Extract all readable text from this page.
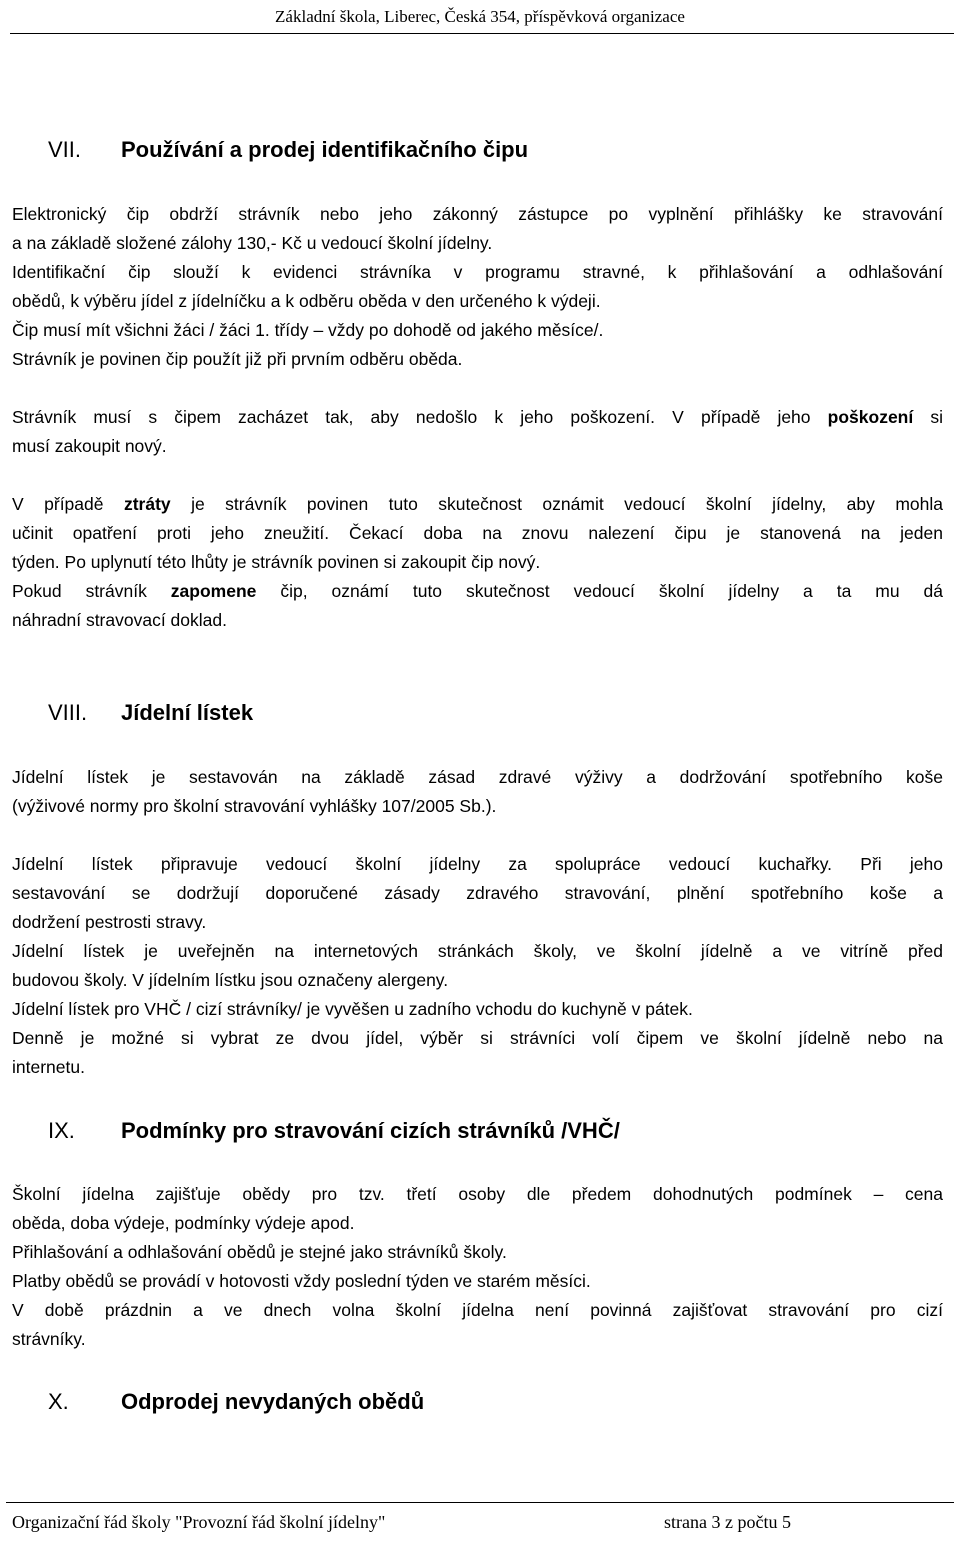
Základní škola, Liberec, Česká 354, příspěvková organizace
VII. Používání a prodej identifikačního čipu
Elektronický čip obdrží strávník nebo jeho zákonný zástupce po vyplnění přihlášky ke stravování
a na základě složené zálohy 130,- Kč u vedoucí školní jídelny.
Identifikační čip slouží k evidenci strávníka v programu stravné, k přihlašování a odhlašování
obědů, k výběru jídel z jídelníčku a k odběru oběda v den určeného k výdeji.
Čip musí mít všichni žáci / žáci 1. třídy – vždy po dohodě od jakého měsíce/.
Strávník je povinen čip použít již při prvním odběru oběda.
Strávník musí s čipem zacházet tak, aby nedošlo k jeho poškození. V případě jeho poškození si
musí zakoupit nový.
V případě ztráty je strávník povinen tuto skutečnost oznámit vedoucí školní jídelny, aby mohla
učinit opatření proti jeho zneužití. Čekací doba na znovu nalezení čipu je stanovená na jeden
týden. Po uplynutí této lhůty je strávník povinen si zakoupit čip nový.
Pokud strávník zapomene čip, oznámí tuto skutečnost vedoucí školní jídelny a ta mu dá
náhradní stravovací doklad.
VIII. Jídelní lístek
Jídelní lístek je sestavován na základě zásad zdravé výživy a dodržování spotřebního koše
(výživové normy pro školní stravování vyhlášky 107/2005 Sb.).
Jídelní lístek připravuje vedoucí školní jídelny za spolupráce vedoucí kuchařky. Při jeho
sestavování se dodržují doporučené zásady zdravého stravování, plnění spotřebního koše a
dodržení pestrosti stravy.
Jídelní lístek je uveřejněn na internetových stránkách školy, ve školní jídelně a ve vitríně před
budovou školy. V jídelním lístku jsou označeny alergeny.
Jídelní lístek pro VHČ / cizí strávníky/ je vyvěšen u zadního vchodu do kuchyně v pátek.
Denně je možné si vybrat ze dvou jídel, výběr si strávníci volí čipem ve školní jídelně nebo na
internetu.
IX. Podmínky pro stravování cizích strávníků /VHČ/
Školní jídelna zajišťuje obědy pro tzv. třetí osoby dle předem dohodnutých podmínek – cena
oběda, doba výdeje, podmínky výdeje apod.
Přihlašování a odhlašování obědů je stejné jako strávníků školy.
Platby obědů se provádí v hotovosti vždy poslední týden ve starém měsíci.
V době prázdnin a ve dnech volna školní jídelna není povinná zajišťovat stravování pro cizí
strávníky.
X. Odprodej nevydaných obědů
Organizační řád školy "Provozní řád školní jídelny"	strana 3 z počtu 5
